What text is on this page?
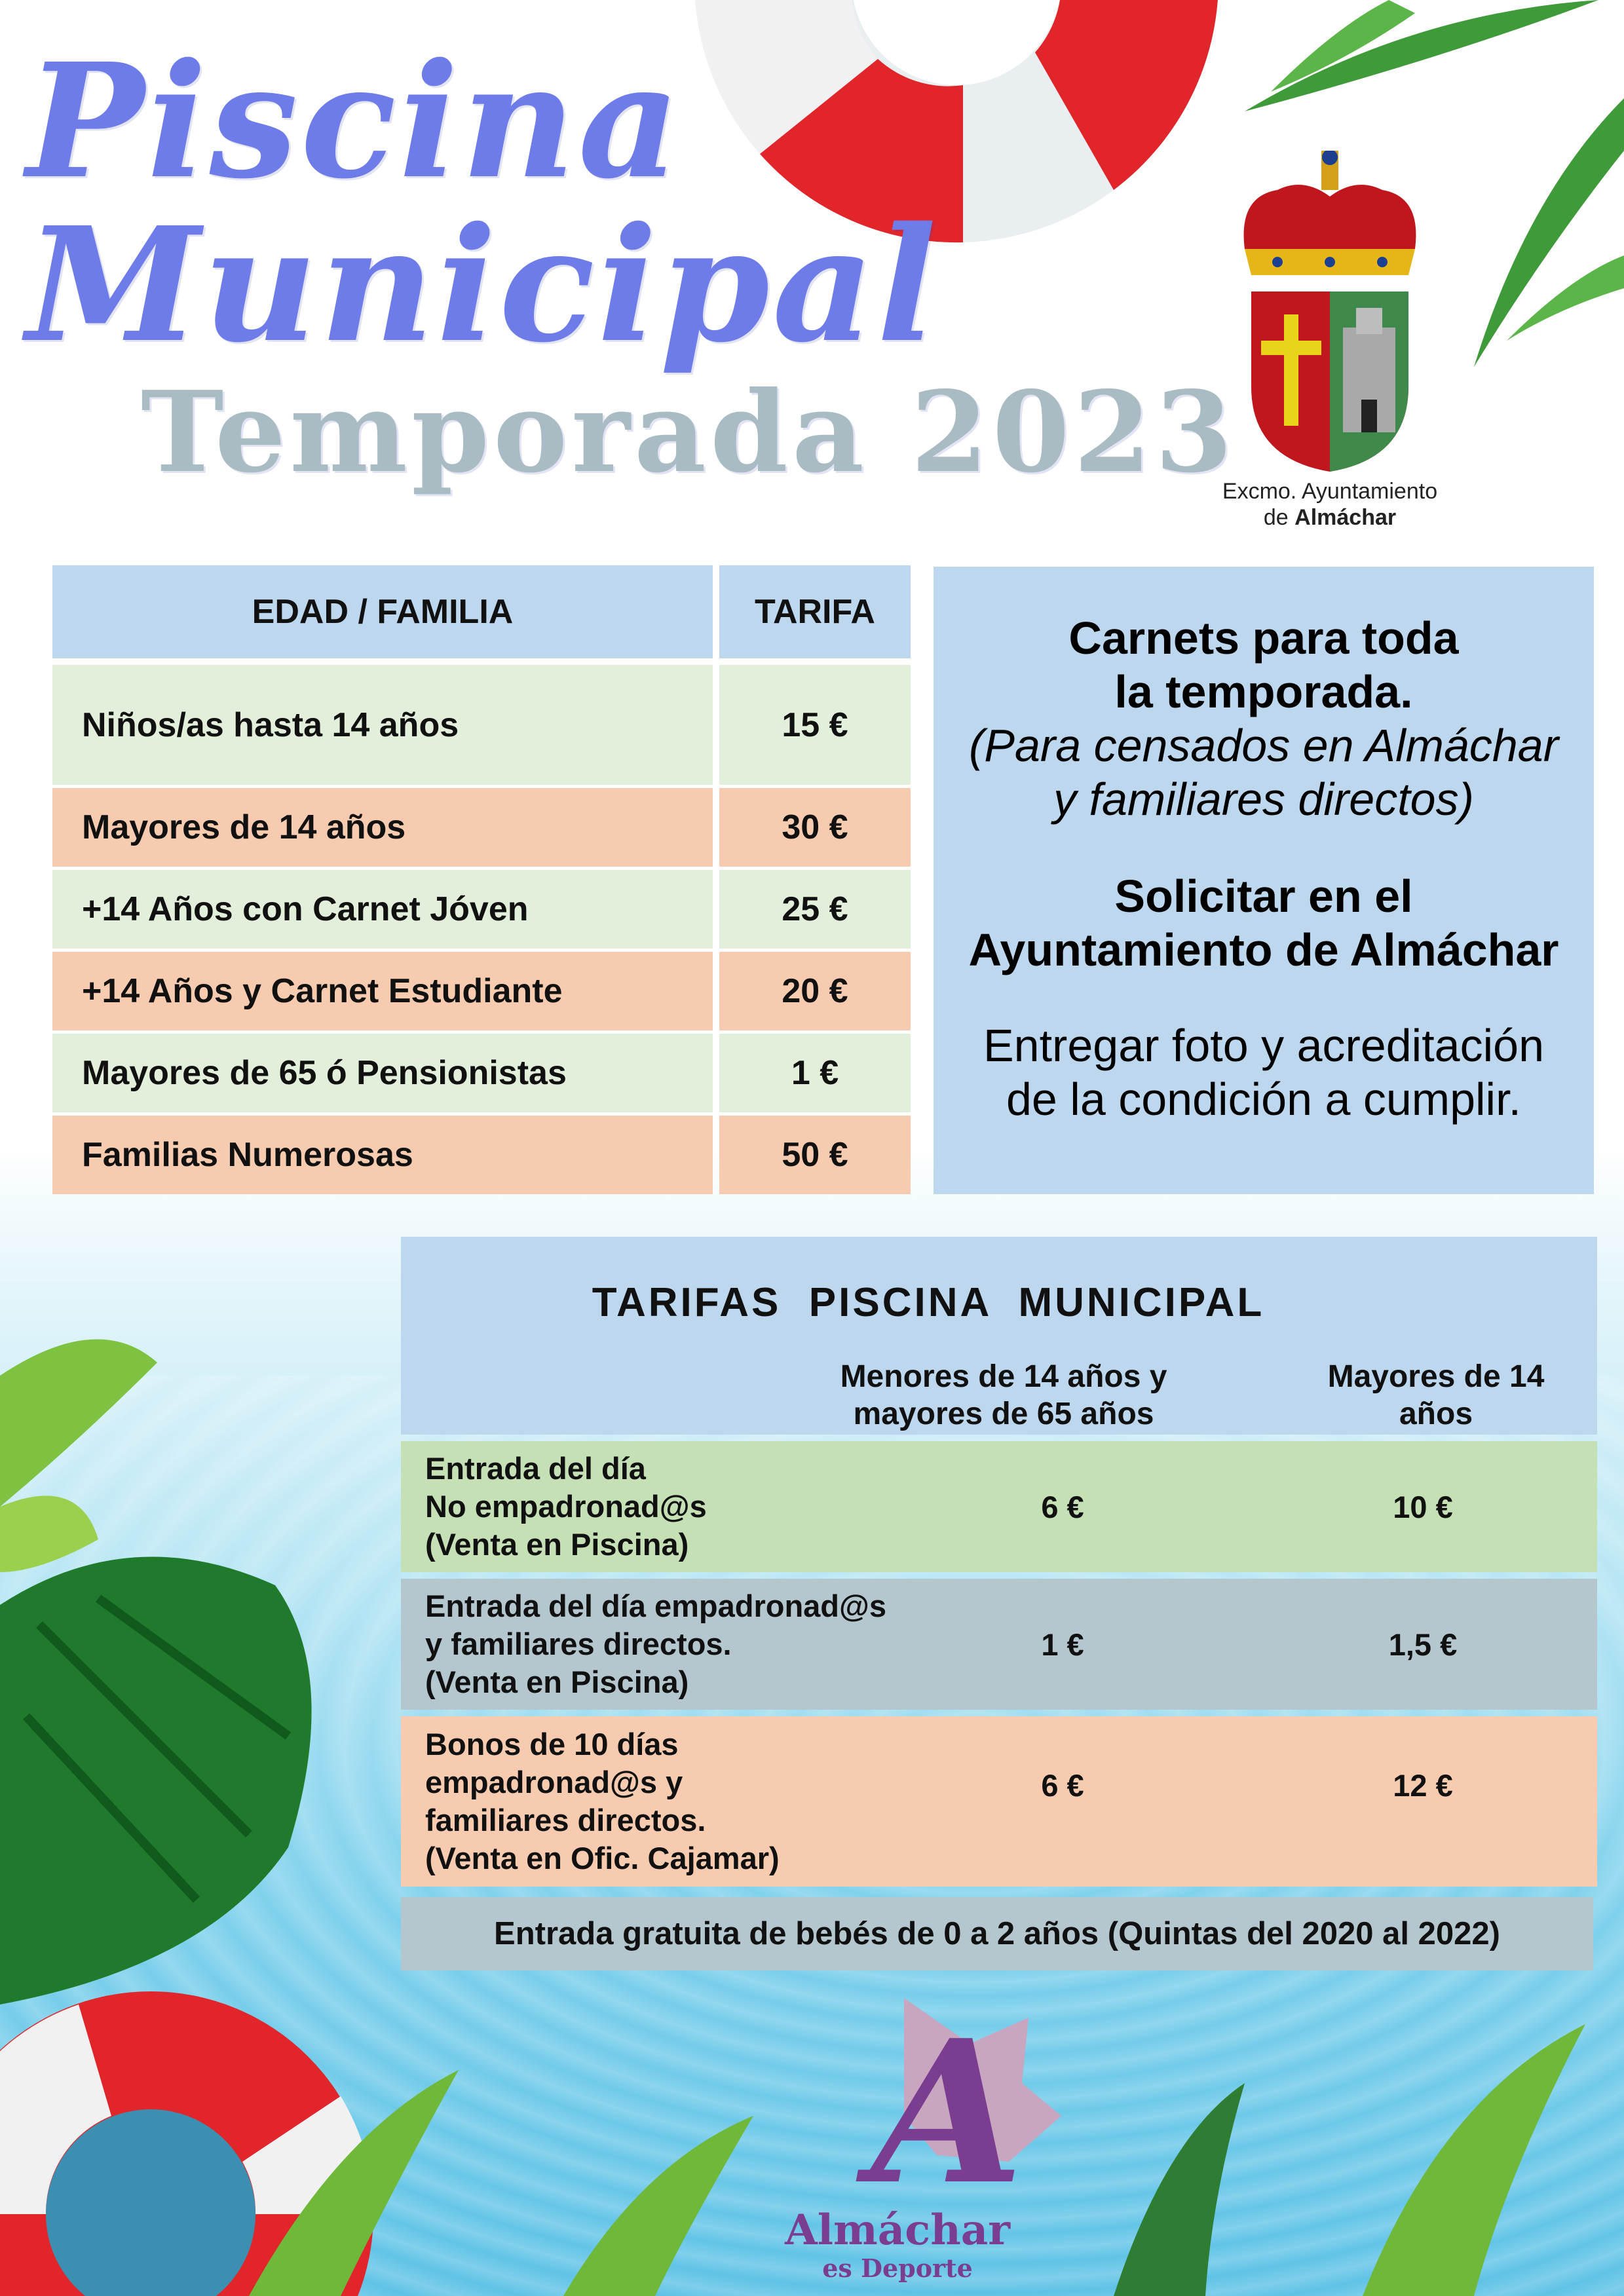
A
Piscina
Municipal
Temporada 2023
Excmo. Ayuntamiento
de Almáchar
EDAD / FAMILIA	TARIFA
Niños/as hasta 14 años	15 €
Mayores de 14 años	30 €
+14 Años con Carnet Jóven	25 €
+14 Años y Carnet Estudiante	20 €
Mayores de 65 ó Pensionistas	1 €
Familias Numerosas	50 €
Carnets para toda
la temporada.
(Para censados en Almáchar
y familiares directos)
Solicitar en el
Ayuntamiento de Almáchar
Entregar foto y acreditación
de la condición a cumplir.
TARIFAS  PISCINA  MUNICIPAL
Menores de 14 años y
mayores de 65 años
Mayores de 14
años
Entrada del día
No empadronad@s
(Venta en Piscina)
6 €	10 €
Entrada del día empadronad@s
y familiares directos.
(Venta en Piscina)
1 €	1,5 €
Bonos de 10 días
empadronad@s y
familiares directos.
(Venta en Ofic. Cajamar)
6 €	12 €
Entrada gratuita de bebés de 0 a 2 años (Quintas del 2020 al 2022)
Almáchar
es Deporte
